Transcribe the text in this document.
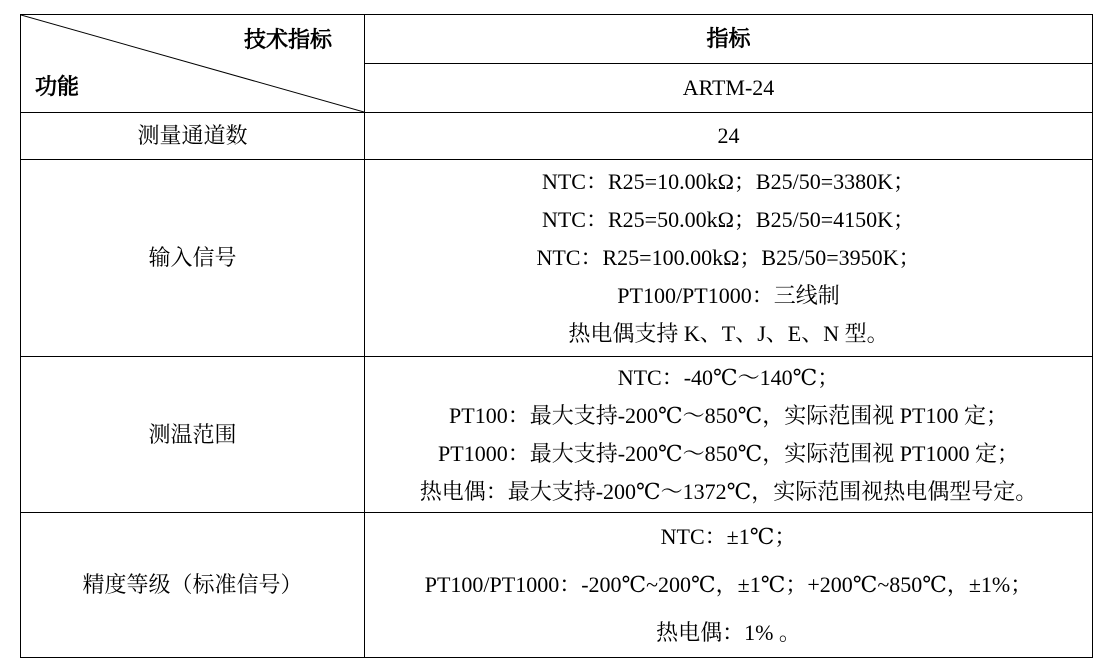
技术指标
功能	指标
	ARTM-24
测量通道数	24

输入信号	NTC：R25=10.00kΩ；B25/50=3380K；
NTC：R25=50.00kΩ；B25/50=4150K；
NTC：R25=100.00kΩ；B25/50=3950K；
PT100/PT1000：三线制
热电偶支持 K、T、J、E、N 型。

测温范围	NTC：-40℃～140℃；
PT100：最大支持-200℃～850℃，实际范围视 PT100 定；
PT1000：最大支持-200℃～850℃，实际范围视 PT1000 定；
热电偶：最大支持-200℃～1372℃，实际范围视热电偶型号定。

精度等级（标准信号）	NTC：±1℃；
PT100/PT1000：-200℃~200℃，±1℃；+200℃~850℃，±1%；
热电偶：1% 。
